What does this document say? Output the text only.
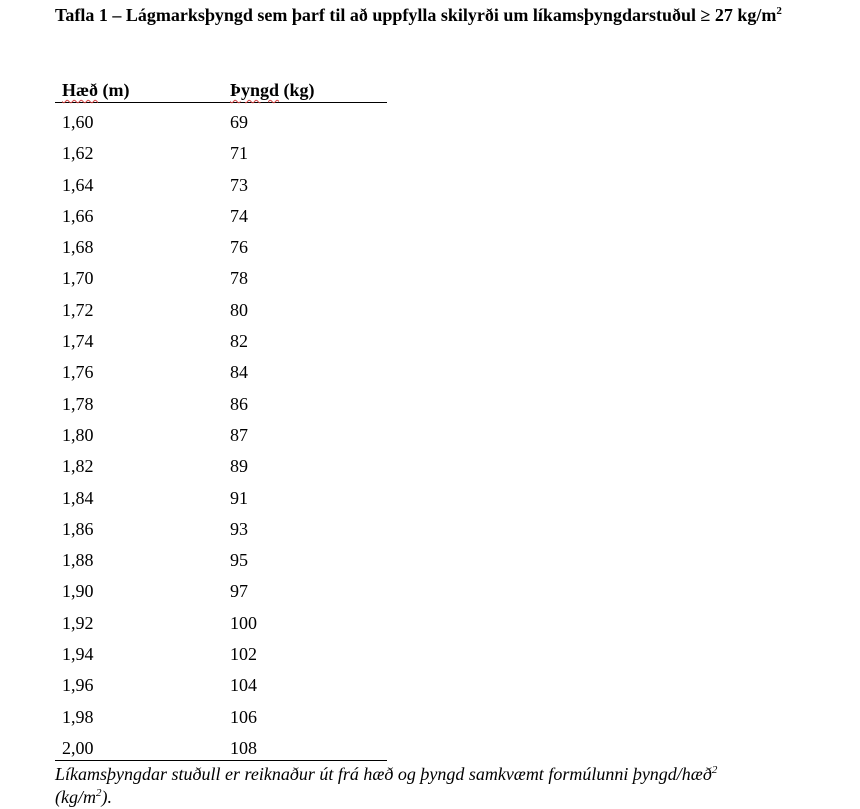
Tafla 1 – Lágmarksþyngd sem þarf til að uppfylla skilyrði um líkamsþyngdarstuðul ≥ 27 $kg/m^2$
Hæð (m)	Þyngd (kg)
1,60	69
1,62	71
1,64	73
1,66	74
1,68	76
1,70	78
1,72	80
1,74	82
1,76	84
1,78	86
1,80	87
1,82	89
1,84	91
1,86	93
1,88	95
1,90	97
1,92	100
1,94	102
1,96	104
1,98	106
2,00	108
Líkamsþyngdar stuðull er reiknaður út frá hæð og þyngd samkvæmt formúlunni þyngd/hæð$^2$
$(kg/m^2)$.
